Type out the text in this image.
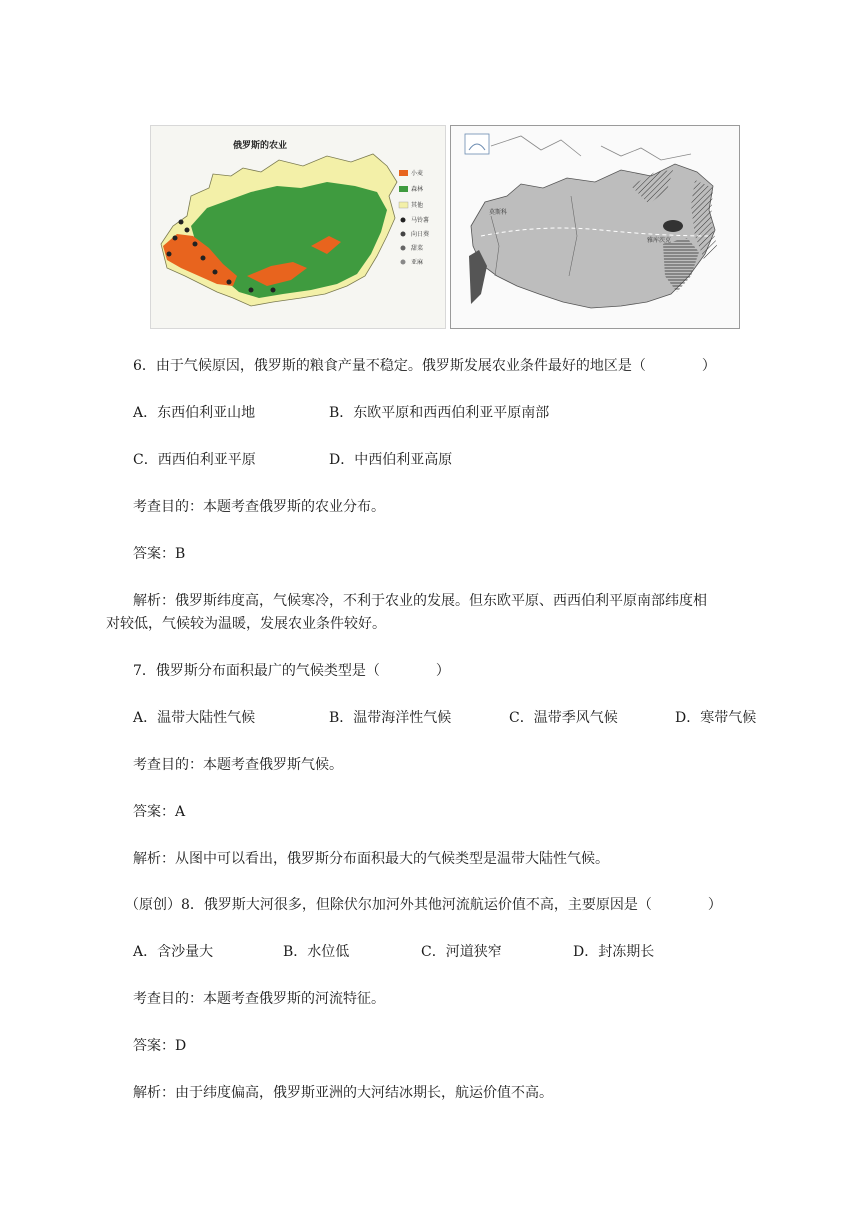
俄罗斯的农业
小麦
森林
其他
马铃薯
向日葵
甜菜
亚麻
莫斯科
雅库茨克
6．由于气候原因，俄罗斯的粮食产量不稳定。俄罗斯发展农业条件最好的地区是（　　　　）
A．东西伯利亚山地	B．东欧平原和西西伯利亚平原南部
C．西西伯利亚平原	D．中西伯利亚高原
考查目的：本题考查俄罗斯的农业分布。
答案：B
解析：俄罗斯纬度高，气候寒冷，不利于农业的发展。但东欧平原、西西伯利平原南部纬度相
对较低，气候较为温暖，发展农业条件较好。
7．俄罗斯分布面积最广的气候类型是（　　　　）
A．温带大陆性气候	B．温带海洋性气候	C．温带季风气候	D．寒带气候
考查目的：本题考查俄罗斯气候。
答案：A
解析：从图中可以看出，俄罗斯分布面积最大的气候类型是温带大陆性气候。
（原创）8．俄罗斯大河很多，但除伏尔加河外其他河流航运价值不高，主要原因是（　　　　）
A．含沙量大	B．水位低	C．河道狭窄	D．封冻期长
考查目的：本题考查俄罗斯的河流特征。
答案：D
解析：由于纬度偏高，俄罗斯亚洲的大河结冰期长，航运价值不高。
